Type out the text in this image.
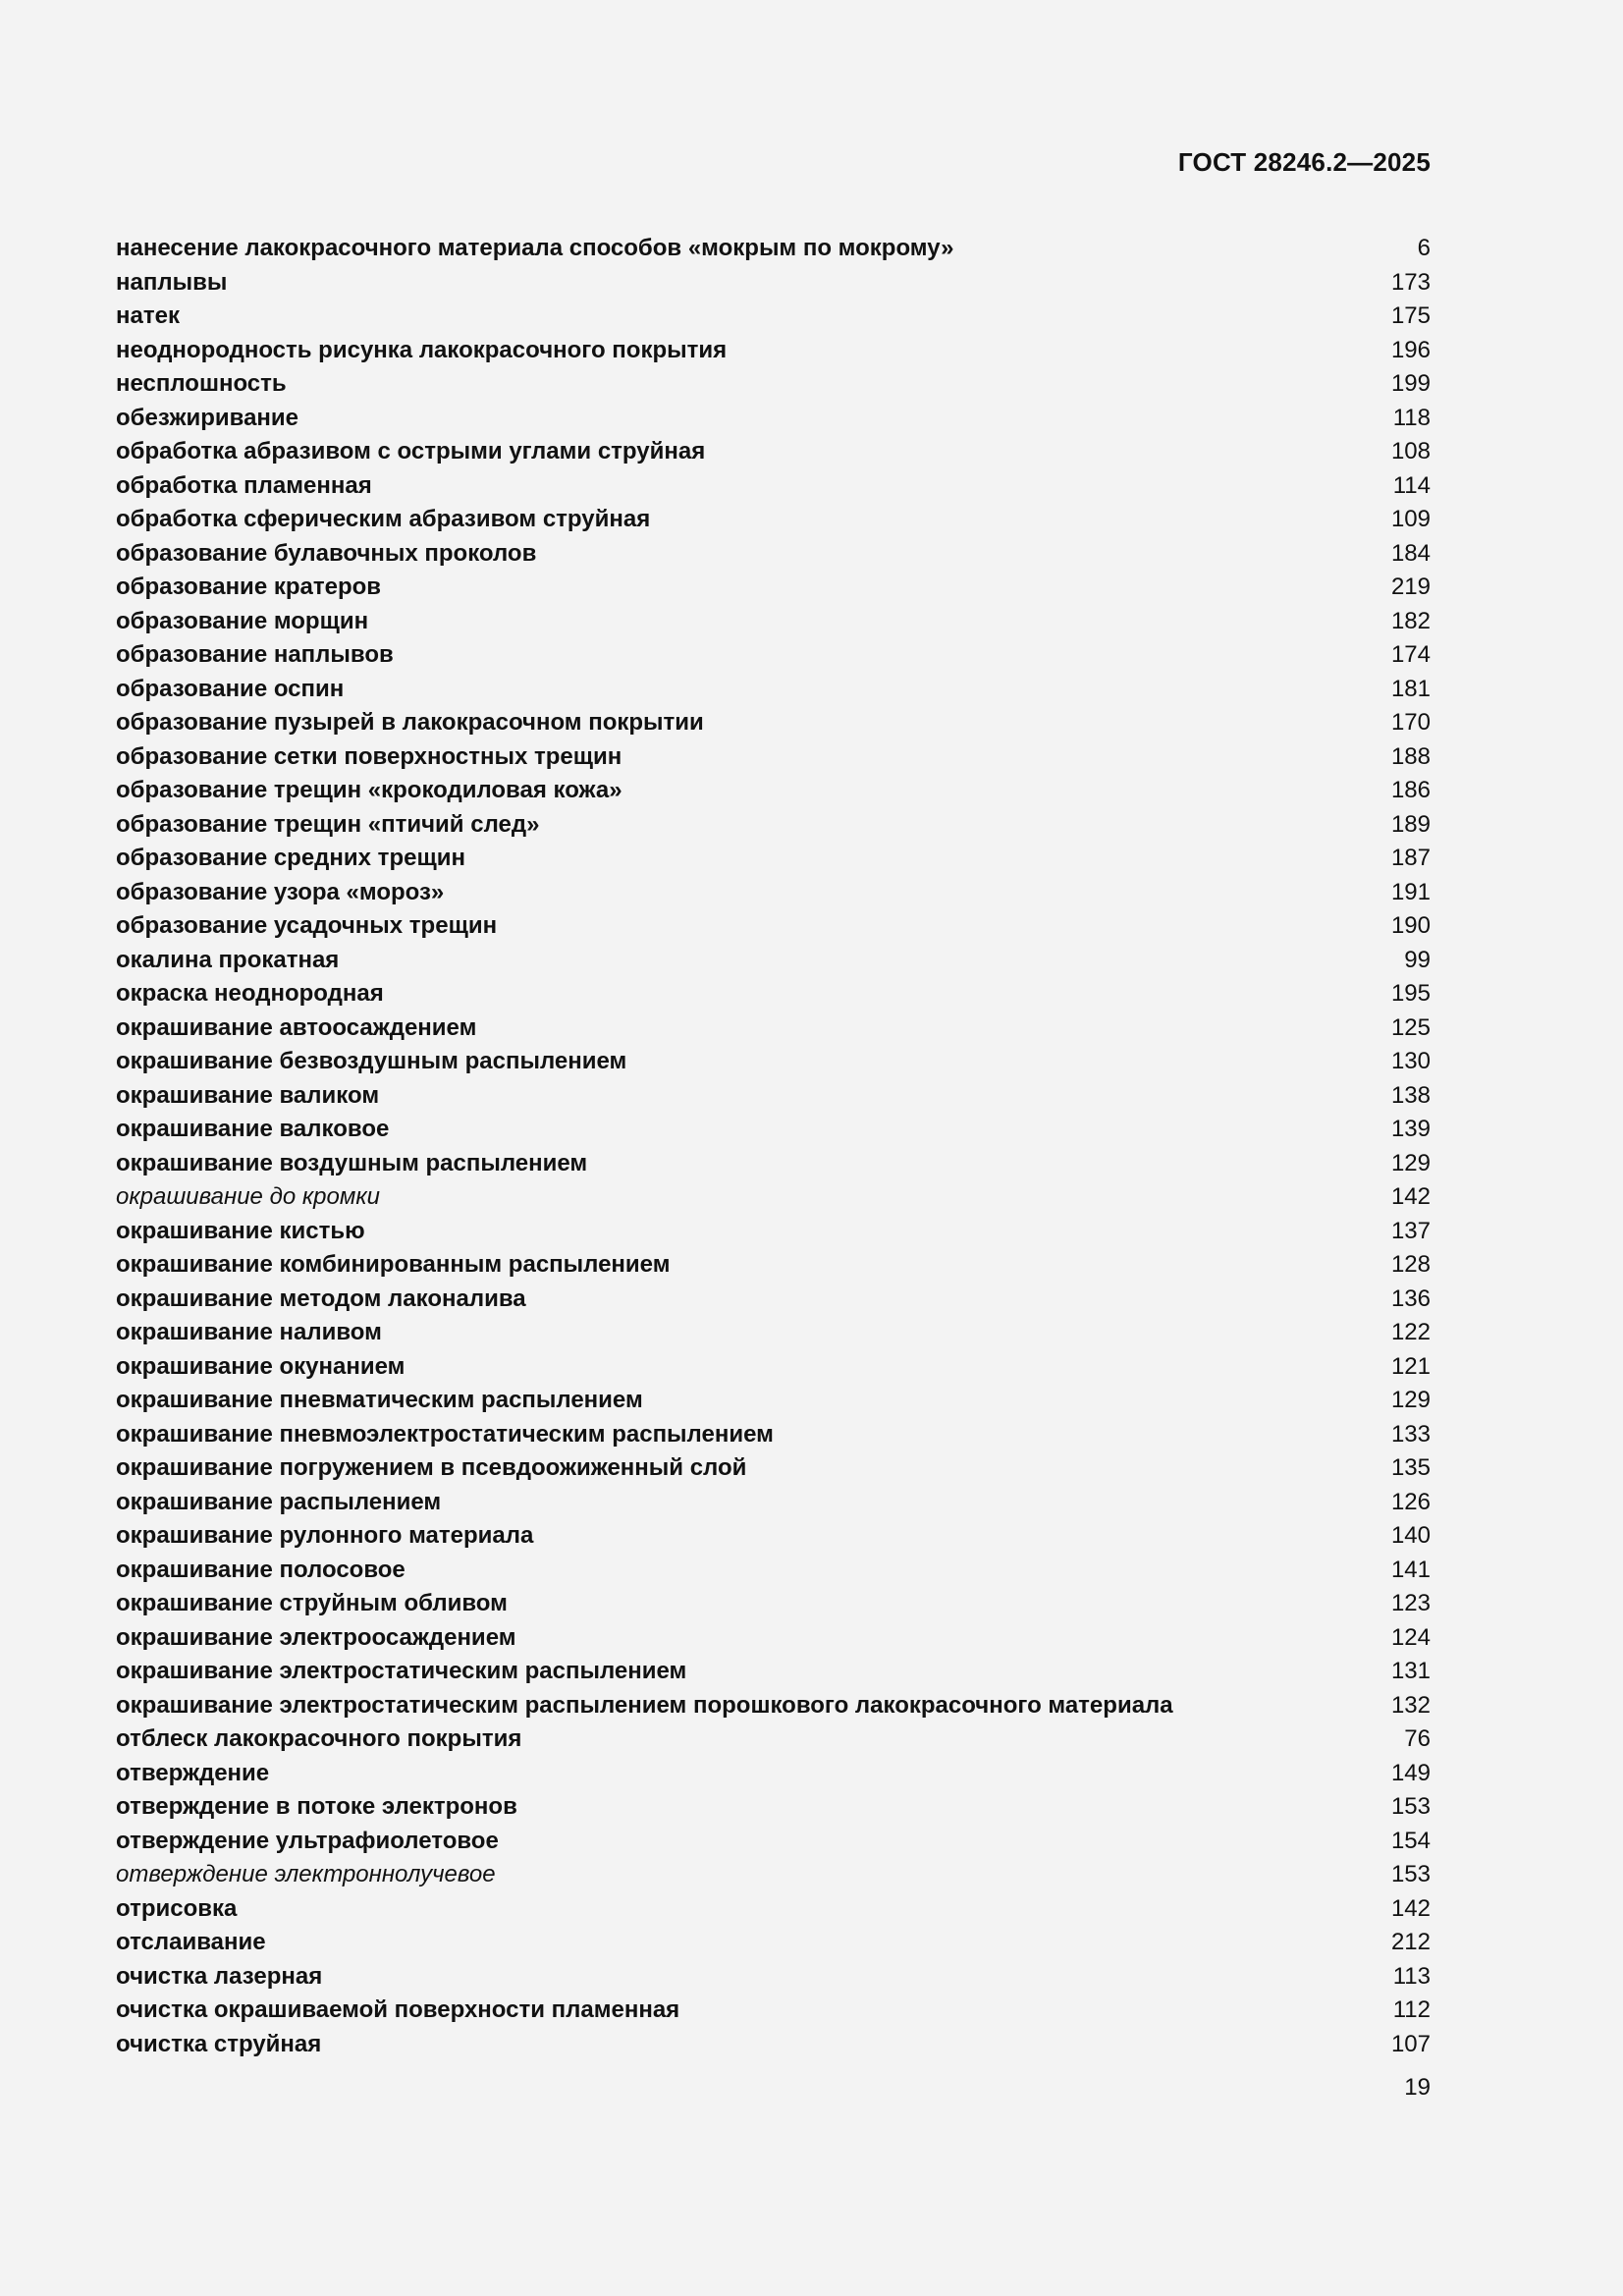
ГОСТ 28246.2—2025
нанесение лакокрасочного материала способов «мокрым по мокрому»	6
наплывы	173
натек	175
неоднородность рисунка лакокрасочного покрытия	196
несплошность	199
обезжиривание	118
обработка абразивом с острыми углами струйная	108
обработка пламенная	114
обработка сферическим абразивом струйная	109
образование булавочных проколов	184
образование кратеров	219
образование морщин	182
образование наплывов	174
образование оспин	181
образование пузырей в лакокрасочном покрытии	170
образование сетки поверхностных трещин	188
образование трещин «крокодиловая кожа»	186
образование трещин «птичий след»	189
образование средних трещин	187
образование узора «мороз»	191
образование усадочных трещин	190
окалина прокатная	99
окраска неоднородная	195
окрашивание автоосаждением	125
окрашивание безвоздушным распылением	130
окрашивание валиком	138
окрашивание валковое	139
окрашивание воздушным распылением	129
окрашивание до кромки	142
окрашивание кистью	137
окрашивание комбинированным распылением	128
окрашивание методом лаконалива	136
окрашивание наливом	122
окрашивание окунанием	121
окрашивание пневматическим распылением	129
окрашивание пневмоэлектростатическим распылением	133
окрашивание погружением в псевдоожиженный слой	135
окрашивание распылением	126
окрашивание рулонного материала	140
окрашивание полосовое	141
окрашивание струйным обливом	123
окрашивание электроосаждением	124
окрашивание электростатическим распылением	131
окрашивание электростатическим распылением порошкового лакокрасочного материала	132
отблеск лакокрасочного покрытия	76
отверждение	149
отверждение в потоке электронов	153
отверждение ультрафиолетовое	154
отверждение электроннолучевое	153
отрисовка	142
отслаивание	212
очистка лазерная	113
очистка окрашиваемой поверхности пламенная	112
очистка струйная	107
19
